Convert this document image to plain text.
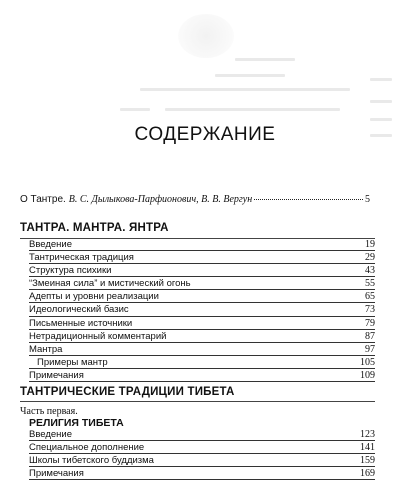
СОДЕРЖАНИЕ
О Тантре. В. С. Дылыкова-Парфионович, В. В. Вергун	5
ТАНТРА. МАНТРА. ЯНТРА
Введение	19
Тантрическая традиция	29
Структура психики	43
“Змеиная сила” и мистический огонь	55
Адепты и уровни реализации	65
Идеологический базис	73
Письменные источники	79
Нетрадиционный комментарий	87
Мантра	97
Примеры мантр	105
Примечания	109
ТАНТРИЧЕСКИЕ ТРАДИЦИИ ТИБЕТА
Часть первая.
РЕЛИГИЯ ТИБЕТА
Введение	123
Специальное дополнение	141
Школы тибетского буддизма	159
Примечания	169
